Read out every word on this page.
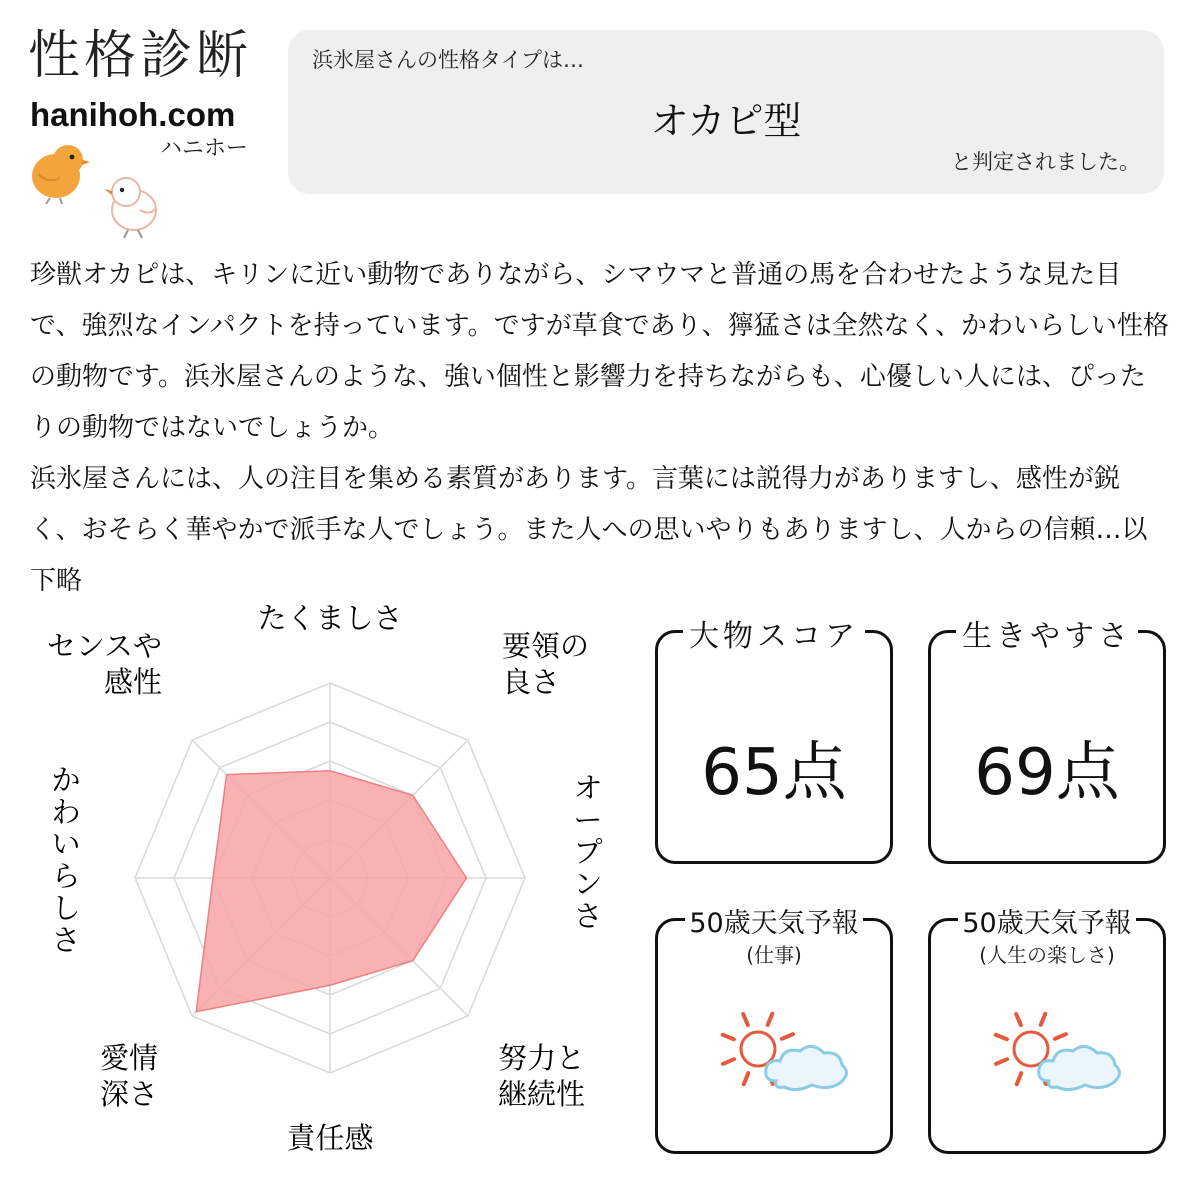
性格診断
hanihoh.com
ハニホー
浜氷屋さんの性格タイプは…
オカピ型
と判定されました。

珍獣オカピは、キリンに近い動物でありながら、シマウマと普通の馬を合わせたような見た目で、強烈なインパクトを持っています。ですが草食であり、獰猛さは全然なく、かわいらしい性格の動物です。浜氷屋さんのような、強い個性と影響力を持ちながらも、心優しい人には、ぴったりの動物ではないでしょうか。

浜氷屋さんには、人の注目を集める素質があります。言葉には説得力がありますし、感性が鋭く、おそらく華やかで派手な人でしょう。また人への思いやりもありますし、人からの信頼…以下略

たくましさ
要領の良さ
オープンさ
努力と継続性
責任感
愛情深さ
かわいらしさ
センスや感性
大物スコア
65点
生きやすさ
69点
50歳天気予報
(仕事)
50歳天気予報
(人生の楽しさ)
